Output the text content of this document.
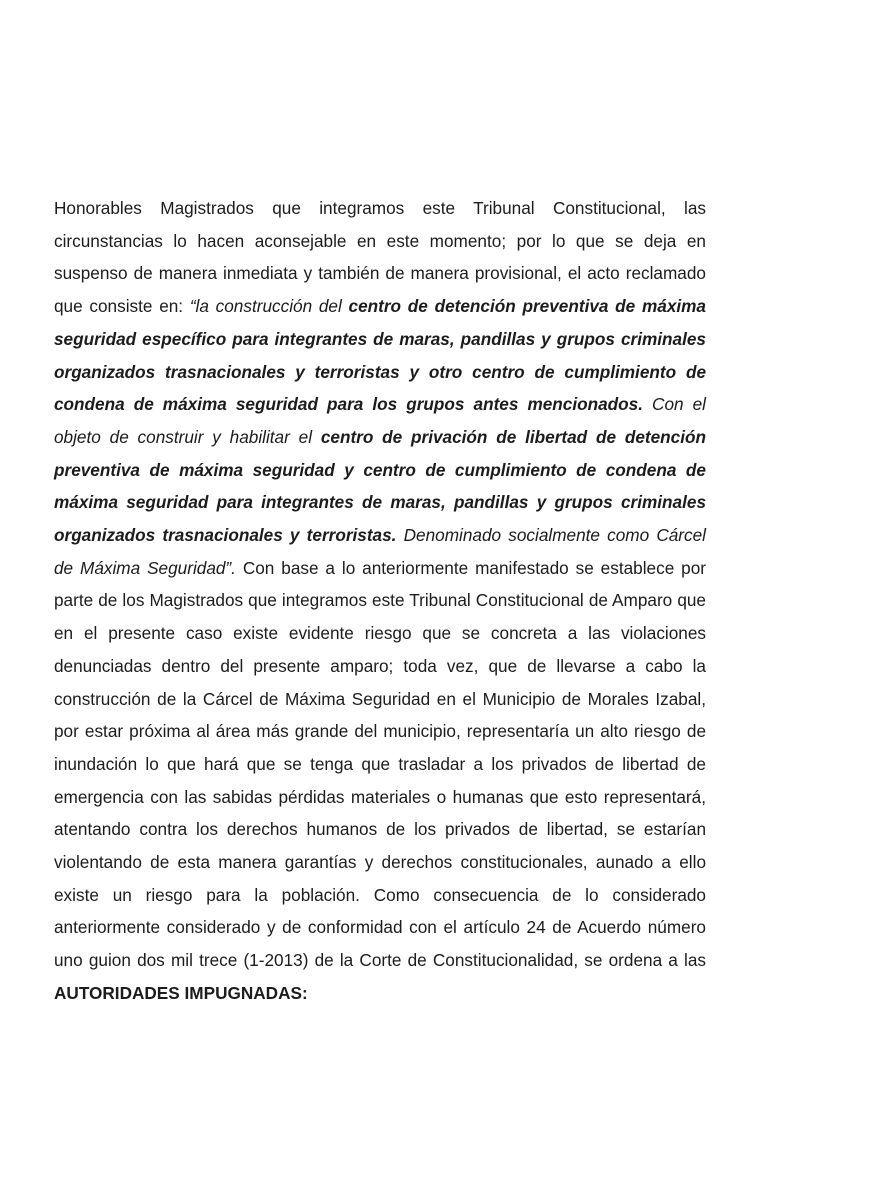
Honorables Magistrados que integramos este Tribunal Constitucional, las circunstancias lo hacen aconsejable en este momento; por lo que se deja en suspenso de manera inmediata y también de manera provisional, el acto reclamado que consiste en: “la construcción del centro de detención preventiva de máxima seguridad específico para integrantes de maras, pandillas y grupos criminales organizados trasnacionales y terroristas y otro centro de cumplimiento de condena de máxima seguridad para los grupos antes mencionados. Con el objeto de construir y habilitar el centro de privación de libertad de detención preventiva de máxima seguridad y centro de cumplimiento de condena de máxima seguridad para integrantes de maras, pandillas y grupos criminales organizados trasnacionales y terroristas. Denominado socialmente como Cárcel de Máxima Seguridad”. Con base a lo anteriormente manifestado se establece por parte de los Magistrados que integramos este Tribunal Constitucional de Amparo que en el presente caso existe evidente riesgo que se concreta a las violaciones denunciadas dentro del presente amparo; toda vez, que de llevarse a cabo la construcción de la Cárcel de Máxima Seguridad en el Municipio de Morales Izabal, por estar próxima al área más grande del municipio, representaría un alto riesgo de inundación lo que hará que se tenga que trasladar a los privados de libertad de emergencia con las sabidas pérdidas materiales o humanas que esto representará, atentando contra los derechos humanos de los privados de libertad, se estarían violentando de esta manera garantías y derechos constitucionales, aunado a ello existe un riesgo para la población. Como consecuencia de lo considerado anteriormente considerado y de conformidad con el artículo 24 de Acuerdo número uno guion dos mil trece (1-2013) de la Corte de Constitucionalidad, se ordena a las AUTORIDADES IMPUGNADAS:
